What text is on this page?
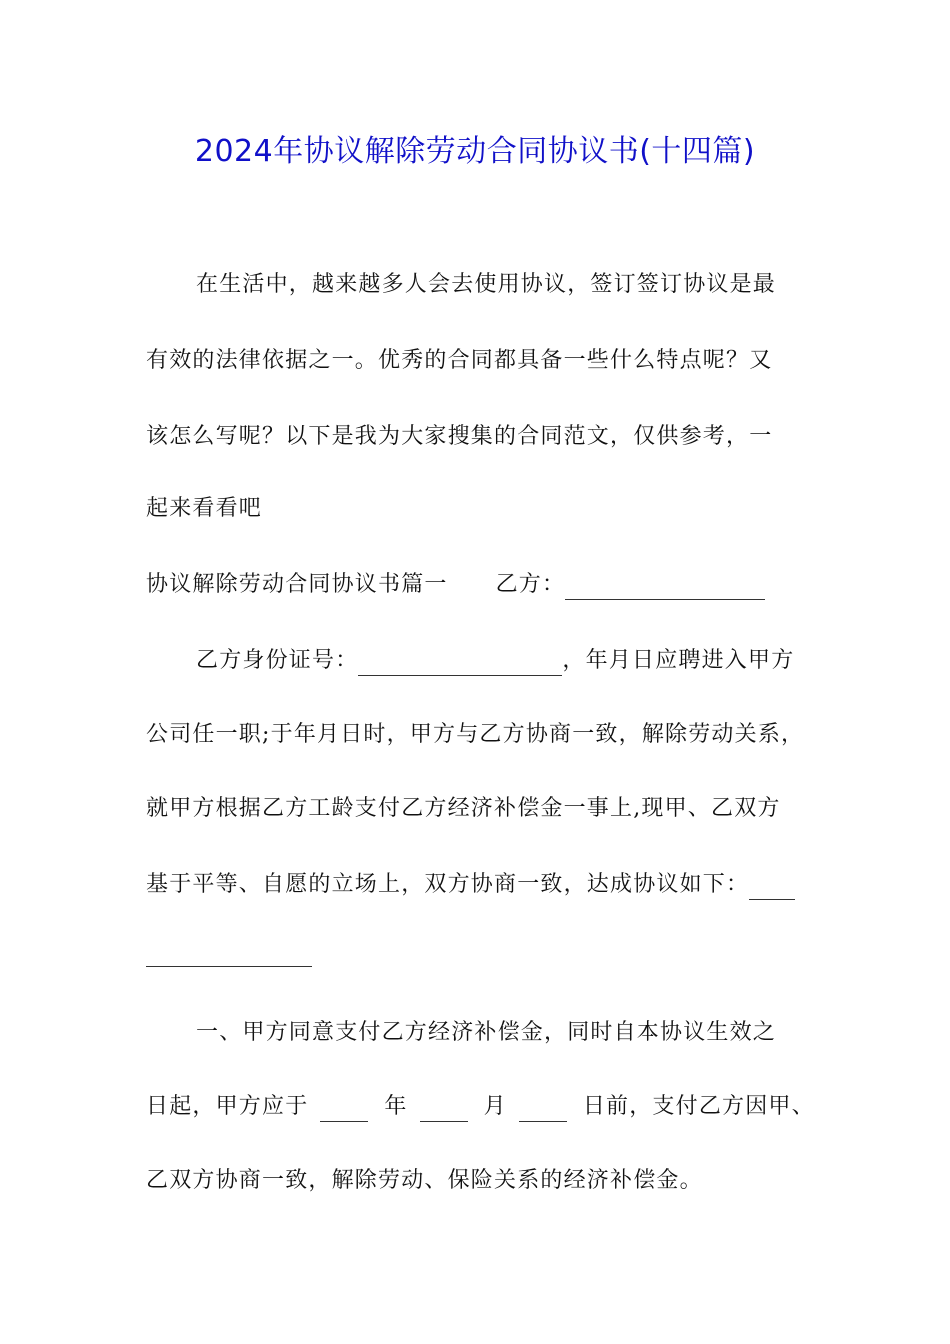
2024年协议解除劳动合同协议书(十四篇)
在生活中，越来越多人会去使用协议，签订签订协议是最
有效的法律依据之一。优秀的合同都具备一些什么特点呢？又
该怎么写呢？以下是我为大家搜集的合同范文，仅供参考，一
起来看看吧
协议解除劳动合同协议书篇一 乙方：
乙方身份证号：	，年月日应聘进入甲方
公司任一职;于年月日时，甲方与乙方协商一致，解除劳动关系，
就甲方根据乙方工龄支付乙方经济补偿金一事上,现甲、乙双方
基于平等、自愿的立场上，双方协商一致，达成协议如下：
一、甲方同意支付乙方经济补偿金，同时自本协议生效之
日起，甲方应于	年	月	日前，支付乙方因甲、
乙双方协商一致，解除劳动、保险关系的经济补偿金。
